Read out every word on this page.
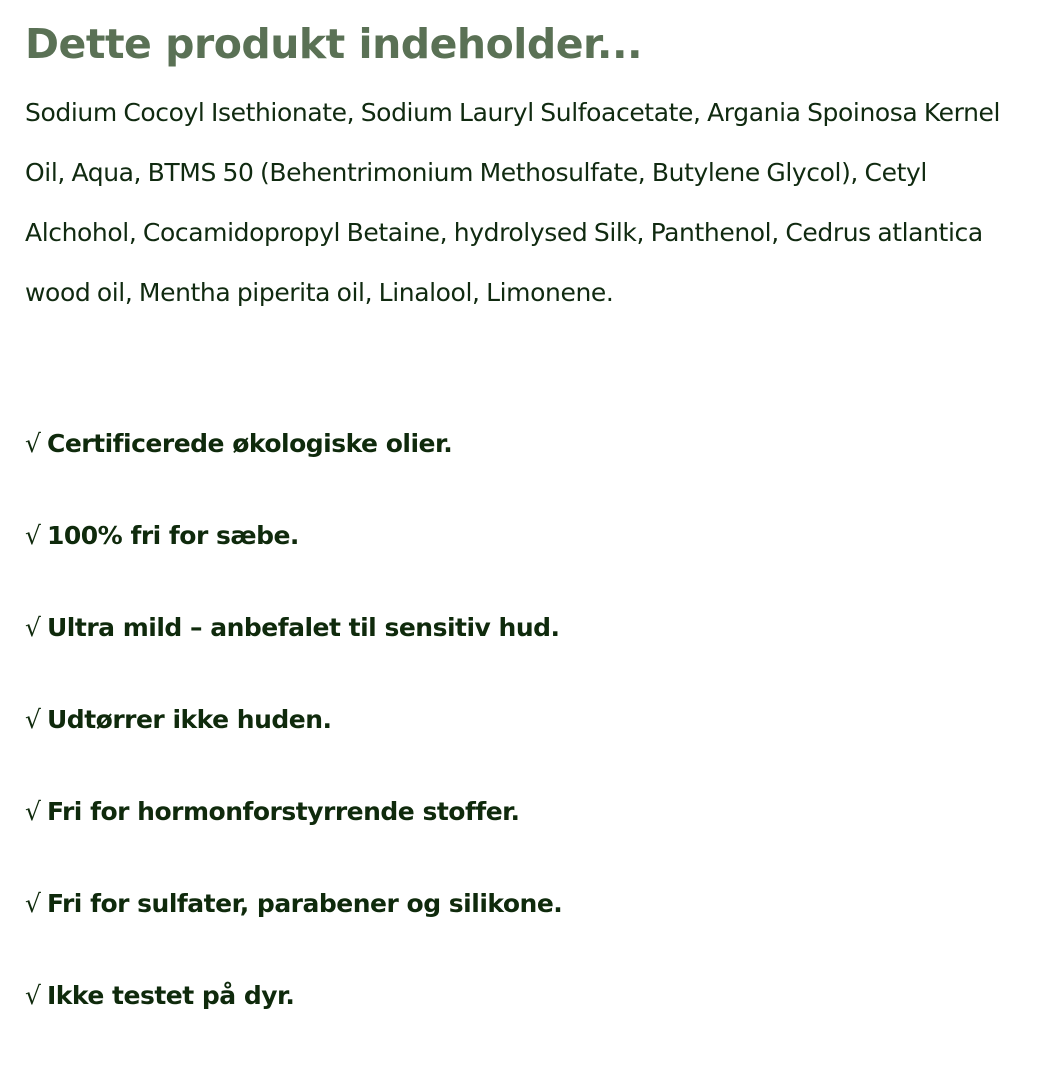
Dette produkt indeholder...

Sodium Cocoyl Isethionate, Sodium Lauryl Sulfoacetate, Argania Spoinosa Kernel Oil, Aqua, BTMS 50 (Behentrimonium Methosulfate, Butylene Glycol), Cetyl Alchohol, Cocamidopropyl Betaine, hydrolysed Silk, Panthenol, Cedrus atlantica wood oil, Mentha piperita oil, Linalool, Limonene.

√ Certificerede økologiske olier.
√ 100% fri for sæbe.
√ Ultra mild – anbefalet til sensitiv hud.
√ Udtørrer ikke huden.
√ Fri for hormonforstyrrende stoffer.
√ Fri for sulfater, parabener og silikone.
√ Ikke testet på dyr.
